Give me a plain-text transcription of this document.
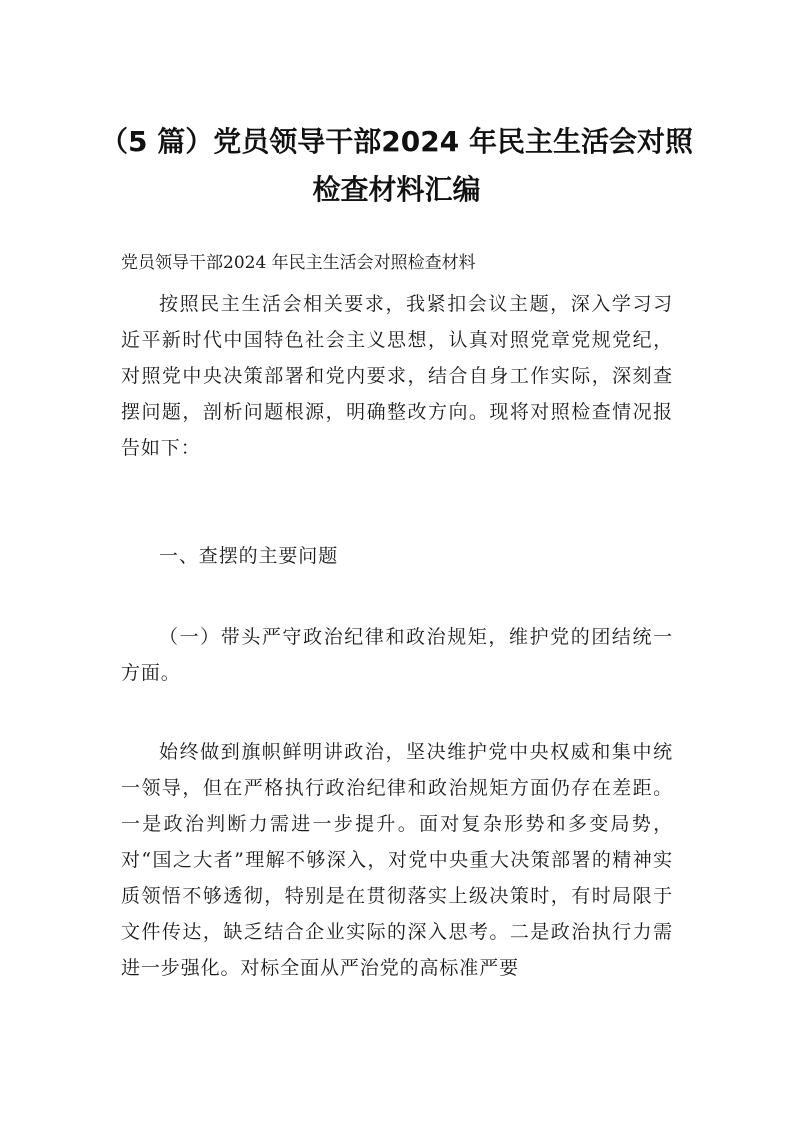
（5 篇）党员领导干部2024 年民主生活会对照检查材料汇编

党员领导干部2024 年民主生活会对照检查材料

按照民主生活会相关要求，我紧扣会议主题，深入学习习近平新时代中国特色社会主义思想，认真对照党章党规党纪，对照党中央决策部署和党内要求，结合自身工作实际，深刻查摆问题，剖析问题根源，明确整改方向。现将对照检查情况报告如下：

一、查摆的主要问题

（一）带头严守政治纪律和政治规矩，维护党的团结统一方面。

始终做到旗帜鲜明讲政治，坚决维护党中央权威和集中统一领导，但在严格执行政治纪律和政治规矩方面仍存在差距。一是政治判断力需进一步提升。面对复杂形势和多变局势，对“国之大者”理解不够深入，对党中央重大决策部署的精神实质领悟不够透彻，特别是在贯彻落实上级决策时，有时局限于文件传达，缺乏结合企业实际的深入思考。二是政治执行力需进一步强化。对标全面从严治党的高标准严要
